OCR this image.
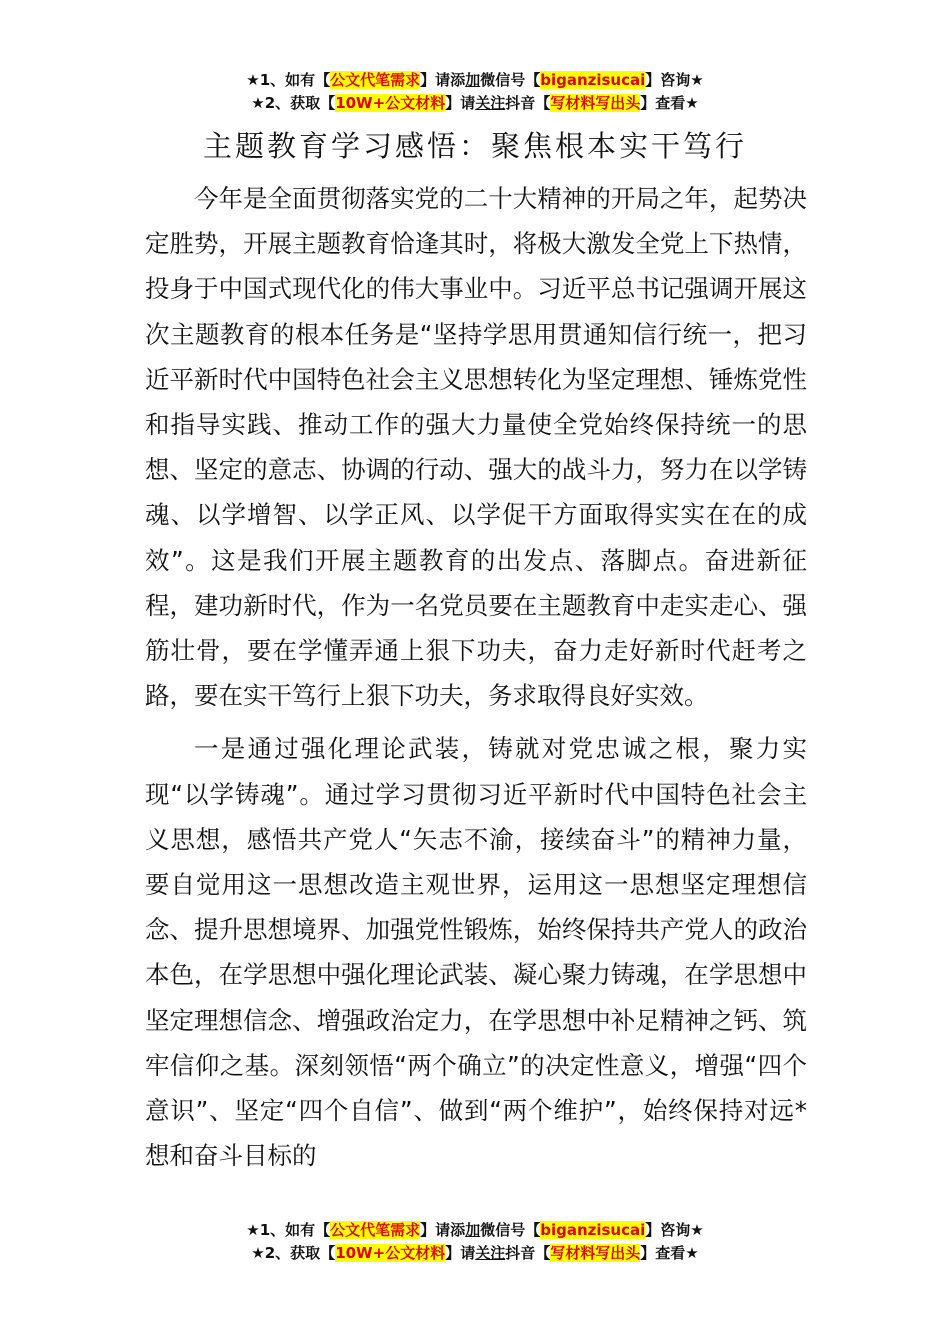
★1、如有【公文代笔需求】请添加微信号【biganzisucai】咨询★
★2、获取【10W+公文材料】请关注抖音【写材料写出头】查看★
主题教育学习感悟：聚焦根本实干笃行

今年是全面贯彻落实党的二十大精神的开局之年，起势决定胜势，开展主题教育恰逢其时，将极大激发全党上下热情，投身于中国式现代化的伟大事业中。习近平总书记强调开展这次主题教育的根本任务是“坚持学思用贯通知信行统一，把习近平新时代中国特色社会主义思想转化为坚定理想、锤炼党性和指导实践、推动工作的强大力量使全党始终保持统一的思想、坚定的意志、协调的行动、强大的战斗力，努力在以学铸魂、以学增智、以学正风、以学促干方面取得实实在在的成效”。这是我们开展主题教育的出发点、落脚点。奋进新征程，建功新时代，作为一名党员要在主题教育中走实走心、强筋壮骨，要在学懂弄通上狠下功夫，奋力走好新时代赶考之路，要在实干笃行上狠下功夫，务求取得良好实效。

一是通过强化理论武装，铸就对党忠诚之根，聚力实现“以学铸魂”。通过学习贯彻习近平新时代中国特色社会主义思想，感悟共产党人“矢志不渝，接续奋斗”的精神力量，要自觉用这一思想改造主观世界，运用这一思想坚定理想信念、提升思想境界、加强党性锻炼，始终保持共产党人的政治本色，在学思想中强化理论武装、凝心聚力铸魂，在学思想中坚定理想信念、增强政治定力，在学思想中补足精神之钙、筑牢信仰之基。深刻领悟“两个确立”的决定性意义，增强“四个意识”、坚定“四个自信”、做到“两个维护”，始终保持对远*想和奋斗目标的

★1、如有【公文代笔需求】请添加微信号【biganzisucai】咨询★
★2、获取【10W+公文材料】请关注抖音【写材料写出头】查看★
